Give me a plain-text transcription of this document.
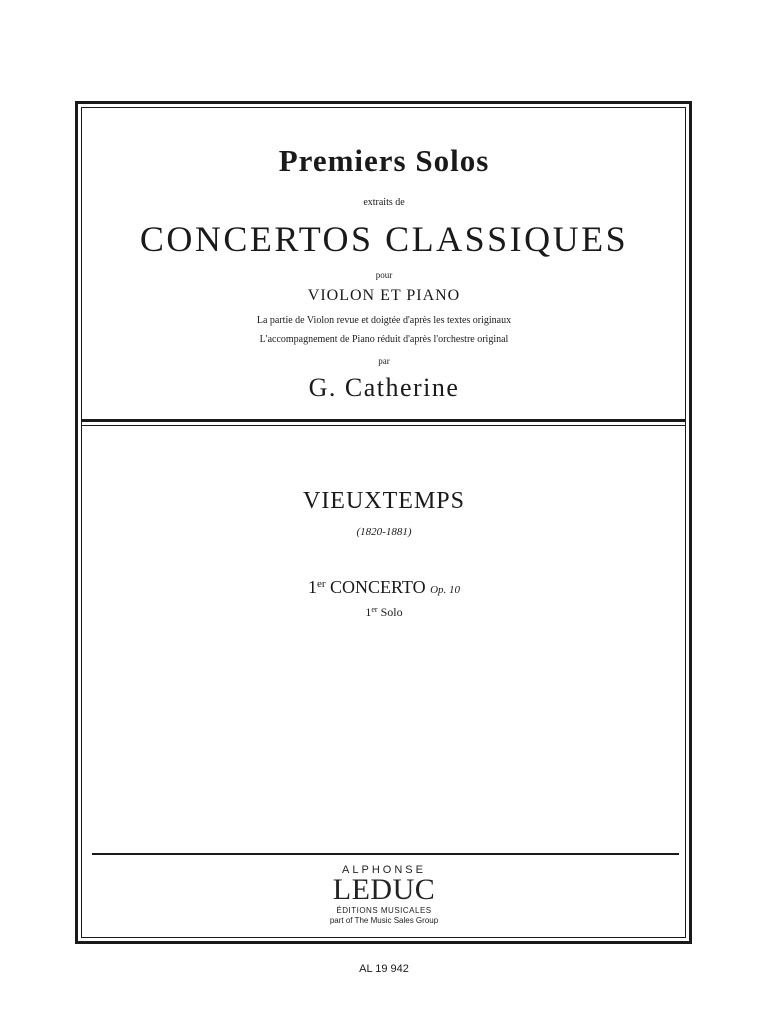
Premiers Solos
extraits de
CONCERTOS CLASSIQUES
pour
VIOLON ET PIANO
La partie de Violon revue et doigtée d'après les textes originaux
L'accompagnement de Piano réduit d'après l'orchestre original
par
G. Catherine
VIEUXTEMPS
(1820-1881)
1er CONCERTO Op. 10
1er Solo
ALPHONSE
LEDUC
ÉDITIONS MUSICALES
part of The Music Sales Group
AL 19 942
